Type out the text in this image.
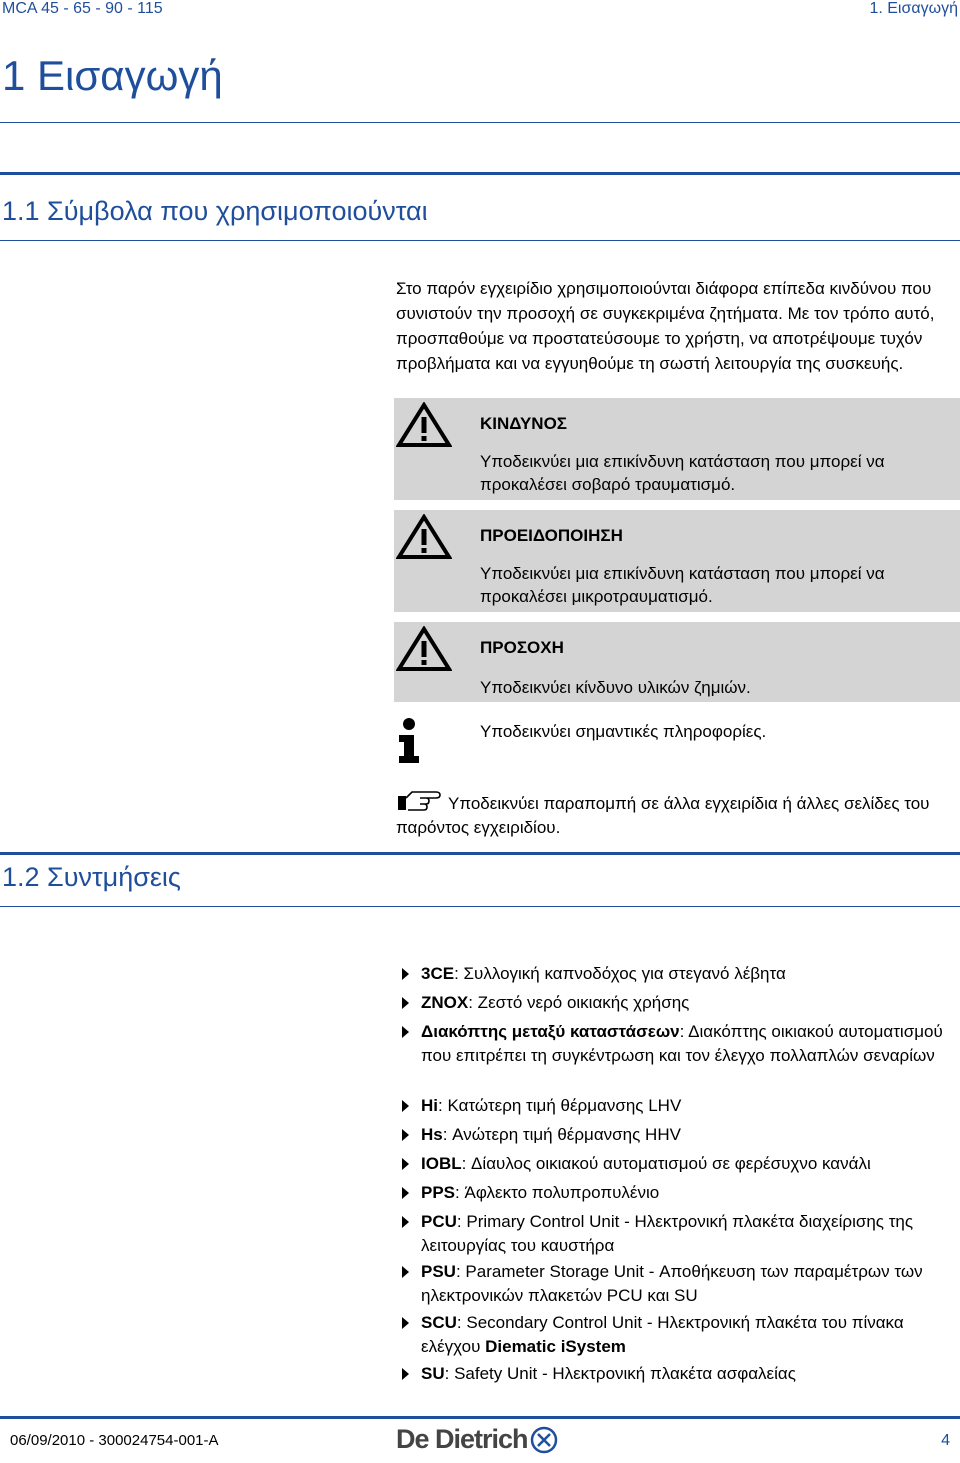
MCA 45 - 65 - 90 - 115	1. Εισαγωγή
1 Εισαγωγή
1.1 Σύμβολα που χρησιμοποιούνται
Στο παρόν εγχειρίδιο χρησιμοποιούνται διάφορα επίπεδα κινδύνου που συνιστούν την προσοχή σε συγκεκριμένα ζητήματα. Με τον τρόπο αυτό, προσπαθούμε να προστατεύσουμε το χρήστη, να αποτρέψουμε τυχόν προβλήματα και να εγγυηθούμε τη σωστή λειτουργία της συσκευής.
ΚΙΝΔΥΝΟΣ
Υποδεικνύει μια επικίνδυνη κατάσταση που μπορεί να προκαλέσει σοβαρό τραυματισμό.
ΠΡΟΕΙΔΟΠΟΙΗΣΗ
Υποδεικνύει μια επικίνδυνη κατάσταση που μπορεί να προκαλέσει μικροτραυματισμό.
ΠΡΟΣΟΧΗ
Υποδεικνύει κίνδυνο υλικών ζημιών.
Υποδεικνύει σημαντικές πληροφορίες.
Υποδεικνύει παραπομπή σε άλλα εγχειρίδια ή άλλες σελίδες του παρόντος εγχειριδίου.
1.2 Συντμήσεις
3CE: Συλλογική καπνοδόχος για στεγανό λέβητα
ΖΝΟΧ: Ζεστό νερό οικιακής χρήσης
Διακόπτης μεταξύ καταστάσεων: Διακόπτης οικιακού αυτοματισμού που επιτρέπει τη συγκέντρωση και τον έλεγχο πολλαπλών σεναρίων
Hi: Κατώτερη τιμή θέρμανσης LHV
Hs: Ανώτερη τιμή θέρμανσης HHV
IOBL: Δίαυλος οικιακού αυτοματισμού σε φερέσυχνο κανάλι
PPS: Άφλεκτο πολυπροπυλένιο
PCU: Primary Control Unit - Ηλεκτρονική πλακέτα διαχείρισης της λειτουργίας του καυστήρα
PSU: Parameter Storage Unit - Αποθήκευση των παραμέτρων των ηλεκτρονικών πλακετών PCU και SU
SCU: Secondary Control Unit - Ηλεκτρονική πλακέτα του πίνακα ελέγχου Diematic iSystem
SU: Safety Unit - Ηλεκτρονική πλακέτα ασφαλείας
06/09/2010 - 300024754-001-A	De Dietrich	4
